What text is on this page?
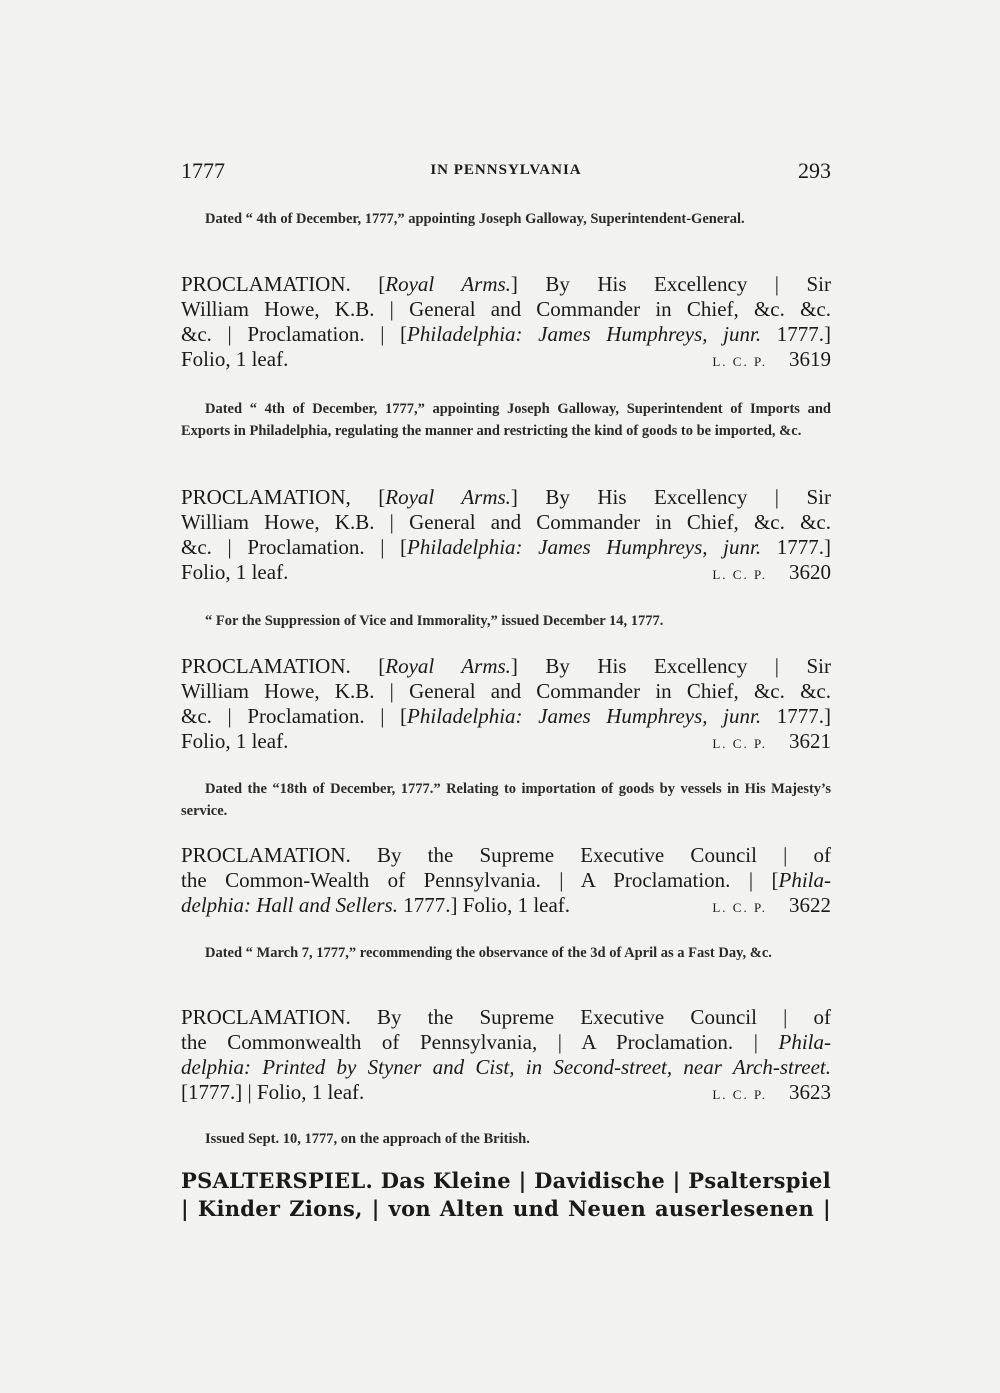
1777	IN PENNSYLVANIA	293
Dated “ 4th of December, 1777,” appointing Joseph Galloway, Superintendent-General.
PROCLAMATION. [Royal Arms.] By His Excellency | Sir
William Howe, K.B. | General and Commander in Chief, &c. &c.
&c. | Proclamation. | [Philadelphia: James Humphreys, junr. 1777.]
Folio, 1 leaf.	L. C. P. 3619
Dated “ 4th of December, 1777,” appointing Joseph Galloway, Superintendent of Imports and Exports in Philadelphia, regulating the manner and restricting the kind of goods to be imported, &c.
PROCLAMATION, [Royal Arms.] By His Excellency | Sir
William Howe, K.B. | General and Commander in Chief, &c. &c.
&c. | Proclamation. | [Philadelphia: James Humphreys, junr. 1777.]
Folio, 1 leaf.	L. C. P. 3620
“ For the Suppression of Vice and Immorality,” issued December 14, 1777.
PROCLAMATION. [Royal Arms.] By His Excellency | Sir
William Howe, K.B. | General and Commander in Chief, &c. &c.
&c. | Proclamation. | [Philadelphia: James Humphreys, junr. 1777.]
Folio, 1 leaf.	L. C. P. 3621
Dated the “18th of December, 1777.” Relating to importation of goods by vessels in His Majesty’s service.
PROCLAMATION. By the Supreme Executive Council | of
the Common-Wealth of Pennsylvania. | A Proclamation. | [Phila-
delphia: Hall and Sellers. 1777.] Folio, 1 leaf.	L. C. P. 3622
Dated “ March 7, 1777,” recommending the observance of the 3d of April as a Fast Day, &c.
PROCLAMATION. By the Supreme Executive Council | of
the Commonwealth of Pennsylvania, | A Proclamation. | Phila-
delphia: Printed by Styner and Cist, in Second-street, near Arch-street.
[1777.] | Folio, 1 leaf.	L. C. P. 3623
Issued Sept. 10, 1777, on the approach of the British.
PSALTERSPIEL. Das Kleine | Davidische | Psalterspiel
| Kinder Zions, | von Alten und Neuen auserlesenen |
